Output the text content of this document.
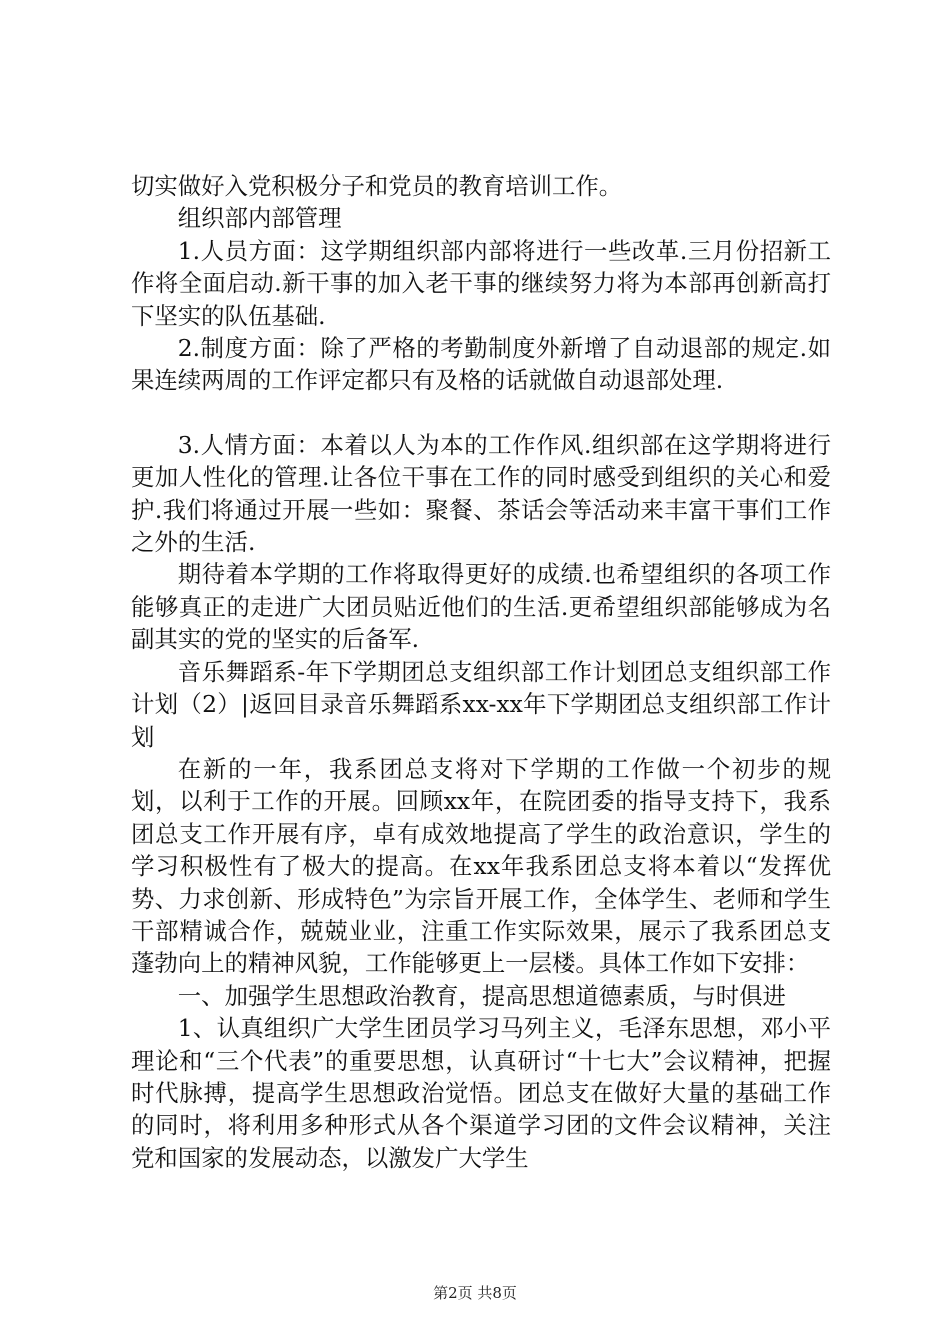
切实做好入党积极分子和党员的教育培训工作。

组织部内部管理

1.人员方面：这学期组织部内部将进行一些改革.三月份招新工作将全面启动.新干事的加入老干事的继续努力将为本部再创新高打下坚实的队伍基础.

2.制度方面：除了严格的考勤制度外新增了自动退部的规定.如果连续两周的工作评定都只有及格的话就做自动退部处理.

3.人情方面：本着以人为本的工作作风.组织部在这学期将进行更加人性化的管理.让各位干事在工作的同时感受到组织的关心和爱护.我们将通过开展一些如：聚餐、茶话会等活动来丰富干事们工作之外的生活.

期待着本学期的工作将取得更好的成绩.也希望组织的各项工作能够真正的走进广大团员贴近他们的生活.更希望组织部能够成为名副其实的党的坚实的后备军.

音乐舞蹈系-年下学期团总支组织部工作计划团总支组织部工作计划（2）|返回目录音乐舞蹈系xx-xx年下学期团总支组织部工作计划

在新的一年，我系团总支将对下学期的工作做一个初步的规划，以利于工作的开展。回顾xx年，在院团委的指导支持下，我系团总支工作开展有序，卓有成效地提高了学生的政治意识，学生的学习积极性有了极大的提高。在xx年我系团总支将本着以“发挥优势、力求创新、形成特色”为宗旨开展工作，全体学生、老师和学生干部精诚合作，兢兢业业，注重工作实际效果，展示了我系团总支蓬勃向上的精神风貌，工作能够更上一层楼。具体工作如下安排：

一、加强学生思想政治教育，提高思想道德素质，与时俱进

1、认真组织广大学生团员学习马列主义，毛泽东思想，邓小平理论和“三个代表”的重要思想，认真研讨“十七大”会议精神，把握时代脉搏，提高学生思想政治觉悟。团总支在做好大量的基础工作的同时，将利用多种形式从各个渠道学习团的文件会议精神，关注党和国家的发展动态，以激发广大学生

第2页 共8页
